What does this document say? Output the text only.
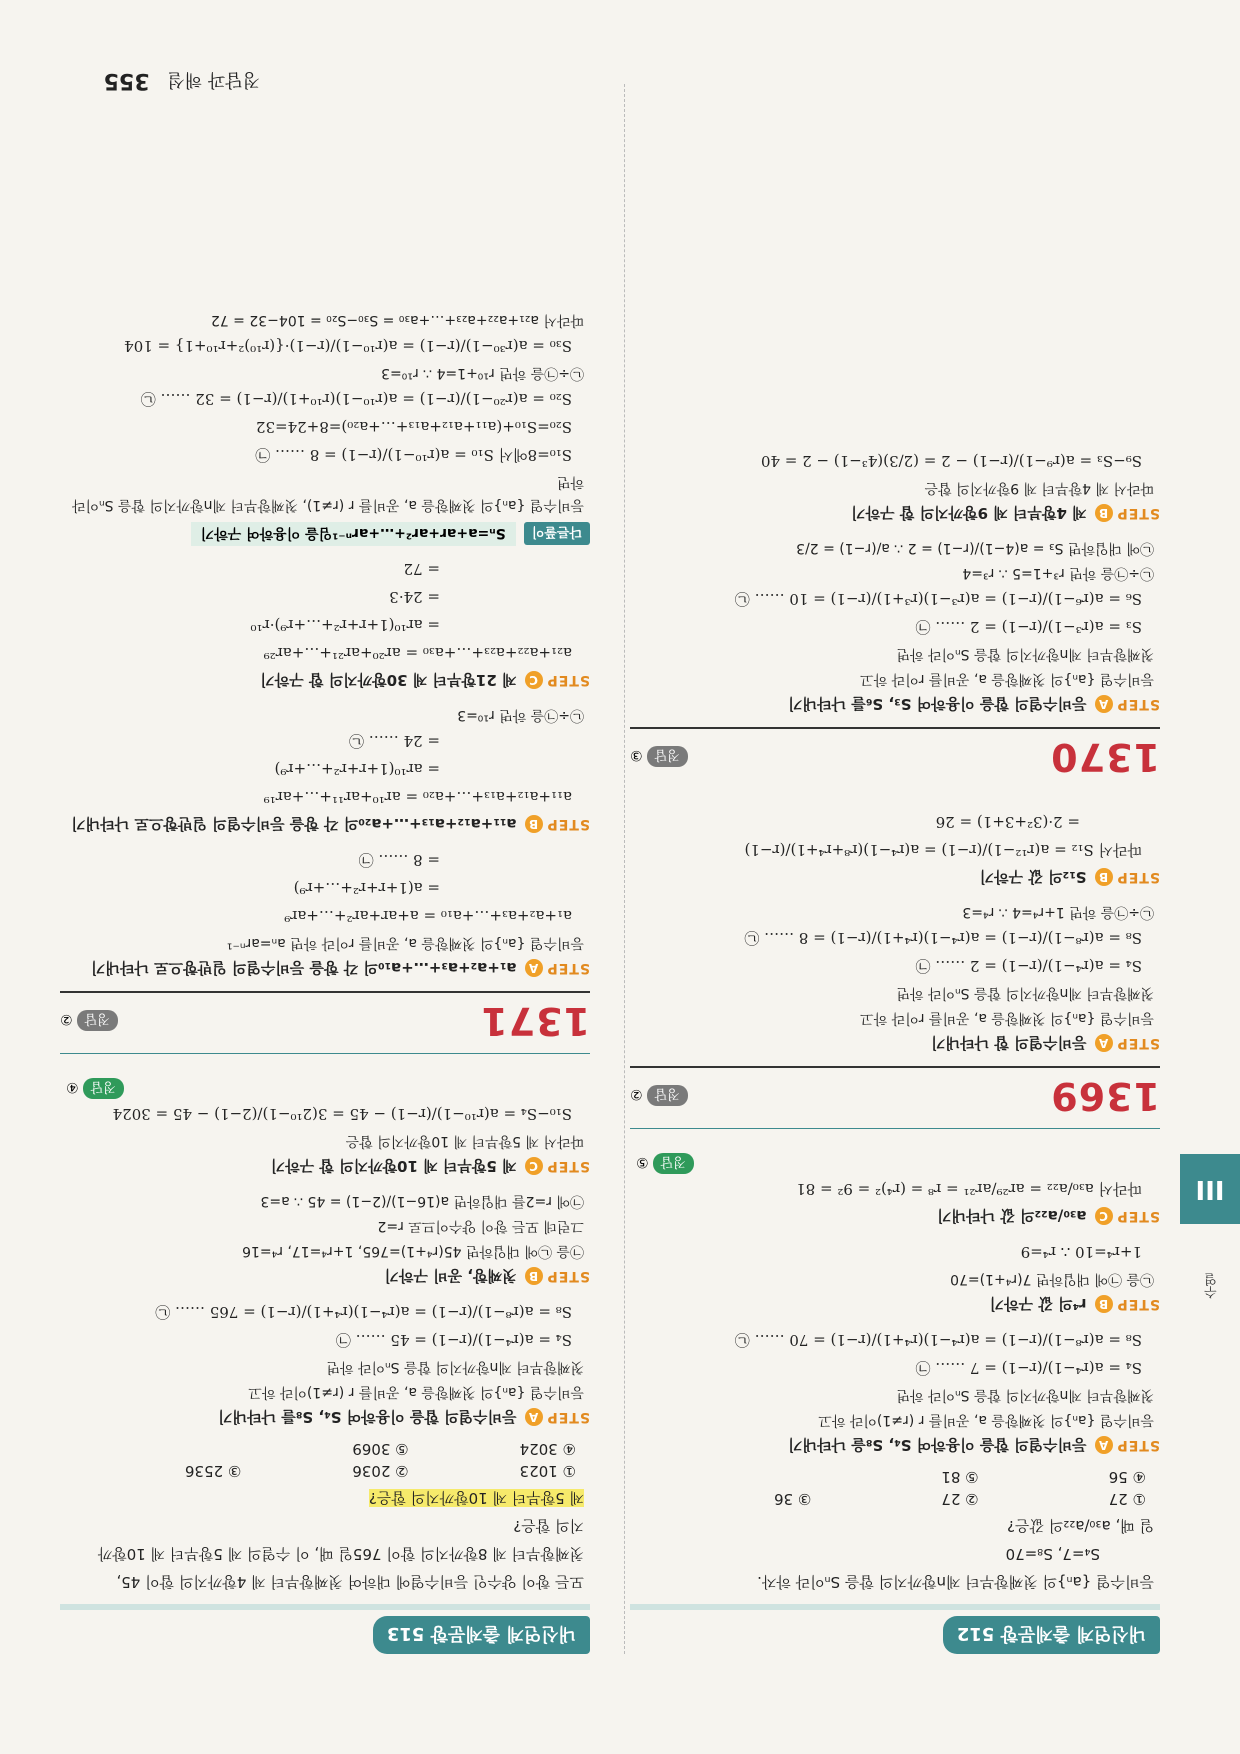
수열
III
내신연계 출제문항 512
등비수열 {aₙ}의 첫째항부터 제n항까지의 합을 Sₙ이라 하자.
S₄=7, S₈=70
일 때, a₃₀/a₂₂의 값은?
① 27
② 27
③ 36
④ 56
⑤ 81
STEP
A
등비수열의 합을 이용하여 S₄, S₈을 나타내기
등비수열 {aₙ}의 첫째항을 a, 공비를 r (r≠1)이라 하고
첫째항부터 제n항까지의 합을 Sₙ이라 하면
S₄ = a(r⁴−1)/(r−1) = 7 …… ㉠
S₈ = a(r⁸−1)/(r−1) = a(r⁴−1)(r⁴+1)/(r−1) = 70 …… ㉡
STEP
B
r⁴의 값 구하기
㉡을 ㉠에 대입하면 7(r⁴+1)=70
1+r⁴=10 ∴ r⁴=9
STEP
C
a₃₀/a₂₂의 값 나타내기
따라서 a₃₀/a₂₂ = ar²⁹/ar²¹ = r⁸ = (r⁴)² = 9² = 81
정답⑤
1369
정답②
STEP
A
등비수열의 합 나타내기
등비수열 {aₙ}의 첫째항을 a, 공비를 r이라 하고
첫째항부터 제n항까지의 합을 Sₙ이라 하면
S₄ = a(r⁴−1)/(r−1) = 2 …… ㉠
S₈ = a(r⁸−1)/(r−1) = a(r⁴−1)(r⁴+1)/(r−1) = 8 …… ㉡
㉡÷㉠을 하면 1+r⁴=4 ∴ r⁴=3
STEP
B
S₁₂의 값 구하기
따라서 S₁₂ = a(r¹²−1)/(r−1) = a(r⁴−1)(r⁸+r⁴+1)/(r−1)
= 2·(3²+3+1) = 26
1370
정답③
STEP
A
등비수열의 합을 이용하여 S₃, S₆를 나타내기
등비수열 {aₙ}의 첫째항을 a, 공비를 r이라 하고
첫째항부터 제n항까지의 합을 Sₙ이라 하면
S₃ = a(r³−1)/(r−1) = 2 …… ㉠
S₆ = a(r⁶−1)/(r−1) = a(r³−1)(r³+1)/(r−1) = 10 …… ㉡
㉡÷㉠을 하면 r³+1=5 ∴ r³=4
㉡에 대입하면 S₃ = a(4−1)/(r−1) = 2 ∴ a/(r−1) = 2/3
STEP
B
제 4항부터 제 9항까지의 합 구하기
따라서 제 4항부터 제 9항까지의 합은
S₉−S₃ = a(r⁹−1)/(r−1) − 2 = (2/3)(4³−1) − 2 = 40
내신연계 출제문항 513
모든 항이 양수인 등비수열에 대하여 첫째항부터 제 4항까지의 합이 45,
첫째항부터 제 8항까지의 합이 765일 때, 이 수열의 제 5항부터 제 10항까
지의 합은?
제 5항부터 제 10항까지의 합은?
① 1023
② 2036
③ 2536
④ 3024
⑤ 3069
STEP
A
등비수열의 합을 이용하여 S₄, S₈를 나타내기
등비수열 {aₙ}의 첫째항을 a, 공비를 r (r≠1)이라 하고
첫째항부터 제n항까지의 합을 Sₙ이라 하면
S₄ = a(r⁴−1)/(r−1) = 45 …… ㉠
S₈ = a(r⁸−1)/(r−1) = a(r⁴−1)(r⁴+1)/(r−1) = 765 …… ㉡
STEP
B
첫째항, 공비 구하기
㉠을 ㉡에 대입하면 45(r⁴+1)=765, 1+r⁴=17, r⁴=16
그런데 모든 항이 양수이므로 r=2
㉠에 r=2를 대입하면 a(16−1)/(2−1) = 45 ∴ a=3
STEP
C
제 5항부터 제 10항까지의 합 구하기
따라서 제 5항부터 제 10항까지의 합은
S₁₀−S₄ = a(r¹⁰−1)/(r−1) − 45 = 3(2¹⁰−1)/(2−1) − 45 = 3024
정답④
1371
정답②
STEP
A
a₁+a₂+a₃+…+a₁₀의 각 항을 등비수열의 일반항으로 나타내기
등비수열 {aₙ}의 첫째항을 a, 공비를 r이라 하면 aₙ=arⁿ⁻¹
a₁+a₂+a₃+…+a₁₀ = a+ar+ar²+…+ar⁹
= a(1+r+r²+…+r⁹)
= 8 …… ㉠
STEP
B
a₁₁+a₁₂+a₁₃+…+a₂₀의 각 항을 등비수열의 일반항으로 나타내기
a₁₁+a₁₂+a₁₃+…+a₂₀ = ar¹⁰+ar¹¹+…+ar¹⁹
= ar¹⁰(1+r+r²+…+r⁹)
= 24 …… ㉡
㉡÷㉠을 하면 r¹⁰=3
STEP
C
제 21항부터 제 30항까지의 합 구하기
a₂₁+a₂₂+a₂₃+…+a₃₀ = ar²⁰+ar²¹+…+ar²⁹
= ar¹⁰(1+r+r²+…+r⁹)·r¹⁰
= 24·3
= 72
다른풀이
Sₙ=a+ar+ar²+…+arⁿ⁻¹임을 이용하여 구하기
등비수열 {aₙ}의 첫째항을 a, 공비를 r (r≠1), 첫째항부터 제n항까지의 합을 Sₙ이라 하면
S₁₀=8에서 S₁₀ = a(r¹⁰−1)/(r−1) = 8 …… ㉠
S₂₀=S₁₀+(a₁₁+a₁₂+a₁₃+…+a₂₀)=8+24=32
S₂₀ = a(r²⁰−1)/(r−1) = a(r¹⁰−1)(r¹⁰+1)/(r−1) = 32 …… ㉡
㉡÷㉠을 하면 r¹⁰+1=4 ∴ r¹⁰=3
S₃₀ = a(r³⁰−1)/(r−1) = a(r¹⁰−1)/(r−1)·{(r¹⁰)²+r¹⁰+1} = 104
따라서 a₂₁+a₂₂+a₂₃+…+a₃₀ = S₃₀−S₂₀ = 104−32 = 72
정답과 해설 355
